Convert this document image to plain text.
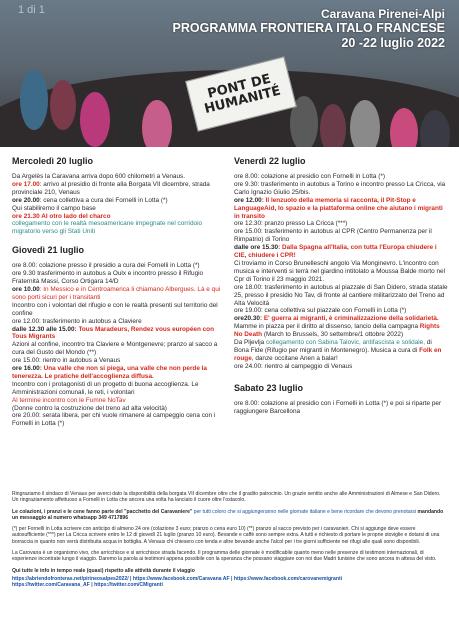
PONT DE HUMANITÉ
1 di 1	Caravana Pirenei-Alpi
PROGRAMMA FRONTIERA ITALO FRANCESE
20 -22 luglio 2022
Mercoledì 20 luglio

Da Argelès la Caravana arriva dopo 600 chilometri a Venaus.

ore 17.00: arrivo al presidio di fronte alla Borgata VII dicembre, strada provinciale 210, Venaus

ore 20.00: cena collettiva a cura dei Fornelli in Lotta (*)

Qui stabiliremo il campo base

ore 21.30 Al otro lado del charco

collegamento con le realtà mesoamericane impegnate nel corridoio migratorio verso gli Stati Uniti

Giovedì 21 luglio

ore 8.00: colazione presso il presidio a cura dei Fornelli in Lotta (*)

ore 9.30 trasferimento in autobus a Oulx e incontro presso il Rifugio Fraternità Massi, Corso Ortigara 14/D

ore 10.00: In Messico e in Centroamerica li chiamano Albergues. Là e qui sono porti sicuri per i transitanti

Incontro con i volontari del rifugio e con le realtà presenti sul territorio del confine

ore 12.00: trasferimento in autobus a Claviere

dalle 12.30 alle 15.00: Tous Maradeurs, Rendez vous européen con Tous Migrants

Azioni al confine, incontro tra Claviere e Montgenevre; pranzo al sacco a cura del Gusto del Mondo (**)

ore 15.00: rientro in autobus a Venaus

ore 16.00: Una valle che non si piega, una valle che non perde la tenerezza. Le pratiche dell'accoglienza diffusa.

Incontro con i protagonisti di un progetto di buona accoglienza. Le Amministrazioni comunali, le reti, i volontari

Al termine incontro con le Fumne NoTav

(Donne contro la costruzione del treno ad alta velocità)

ore 20.00: serata libera, per chi vuole rimanere al campeggio cena con i Fornelli in Lotta (*)

Venerdì 22 luglio

ore 8.00: colazione al presidio con Fornelli in Lotta (*)

ore 9.30: trasferimento in autobus a Torino e incontro presso La Cricca, via Carlo Ignazio Giulio 25/bis.

ore 12.00: Il lenzuolo della memoria si racconta, il Pit-Stop e LanguageAid, lo spazio e la piattaforma online che aiutano i migranti in transito

ore 12.30: pranzo presso La Cricca (***)

ore 15.00: trasferimento in autobus al CPR (Centro Permanenza per il Rimpatrio) di Torino

dalle ore 15.30: Dalla Spagna all'Italia, con tutta l'Europa chiudere i CIE, chiudere i CPR!

Ci troviamo in Corso Brunelleschi angolo Via Monginevro. L'incontro con musica e interventi si terrà nel giardino intitolato a Moussa Balde morto nel Cpr di Torino il 23 maggio 2021.

ore 18.00: trasferimento in autobus al piazzale di San Didero, strada statale 25, presso il presidio No Tav, di fronte al cantiere militarizzato del Treno ad Alta Velocità

ore 19.00: cena collettiva sul piazzale con Fornelli in Lotta (*)

ore20.30: E' guerra ai migranti, è criminalizzazione della solidarietà.

Mamme in piazza per il diritto al dissenso, lancio della campagna Rights No Death (March to Brussels, 30 settembre/1 ottobre 2022)

Da Pljevlja collegamento con Sabina Talovic, antifascista e solidale, di Bona Fide (Rifugio per migranti in Montenegro). Musica a cura di Folk en rouge, danze occitane Anen a balar!

ore 24.00: rientro al campeggio di Venaus

Sabato 23 luglio

ore 8.00: colazione al presidio con i Fornelli in Lotta (*) e poi si riparte per raggiungere Barcellona

Ringraziamo il sindaco di Venaus per averci dato la disponibilità della borgata VII dicembre oltre che il gradito patrocinio. Un grazie sentito anche alle Amministrazioni di Almese e San Didero. Un ringraziamento affettuoso a Fornelli in Lotta che ancora una volta ha lanciato il cuore oltre l'ostacolo.

Le colazioni, i pranzi e le cene fanno parte del "pacchetto del Caravaniere" per tutti coloro che si aggiungeranno nelle giornate italiane e bene ricordare che devono prenotarsi mandando un messaggio al numero whatsapp 349 4717896

(*) per Fornelli in Lotta scrivere con anticipo di almeno 24 ore (colazione 3 euro; pranzo o cena euro 10) (**) pranzo al sacco previsto per i caravanieri. Chi si aggiunge deve essere autosufficiente (***) per La Cricca scrivere entro le 12 di giovedì 21 luglio (pranzo 10 euro). Bevande e caffè sono sempre extra. A tutti e richiesto di portare le proprie stoviglie e dotarsi di una borraccia in quanto non verrà distribuita acqua in bottiglia. A Venaus chi chiesero con tenda e altre bevande anche l'alcol per i tre giorni sufficiente nei rifugi alle quali sono disponibili.

La Carovana è un organismo vivo, che arricchisce e si arricchisce strada facendo. Il programma delle giornate è modificabile quanto meno nelle presenze di testimoni internazionali, di esperienze incontrate lungo il viaggio. Daremo la parola ai testimoni appena possibile con la speranza che possano viaggiare con noi due Madri tunisine che sono ancora in attesa del visto.

Qui tutte le info in tempo reale (quasi) rispetto alle attività durante il viaggio

https://abriendofronteras.net/pirineosalpes2022/ | https://www.facebook.com/Caravana AF | https://www.facebook.com/carovanemigranti
https://twitter.com/Caravana_AF | https://twitter.com/CMigranti
